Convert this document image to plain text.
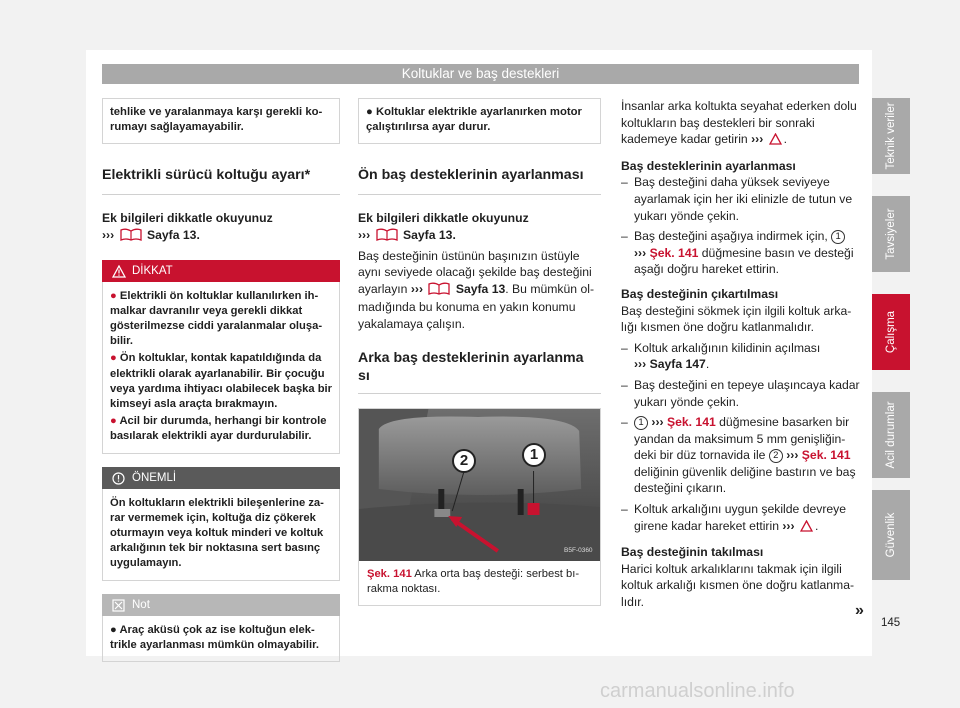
Koltuklar ve baş destekleri
tehlike ve yaralanmaya karşı gerekli korumayı sağlayamayabilir.
Elektrikli sürücü koltuğu ayarı*

Ek bilgileri dikkatle okuyunuz

›››	Sayfa 13.

DİKKAT
● Elektrikli ön koltuklar kullanılırken ihmalkar davranılır veya gerekli dikkat gösterilmezse ciddi yaralanmalar oluşabilir.
● Ön koltuklar, kontak kapatıldığında da elektrikli olarak ayarlanabilir. Bir çocuğu veya yardıma ihtiyacı olabilecek başka bir kimseyi asla araçta bırakmayın.
● Acil bir durumda, herhangi bir kontrole basılarak elektrikli ayar durdurulabilir.
ÖNEMLİ
Ön koltukların elektrikli bileşenlerine zarar vermemek için, koltuğa diz çökerek oturmayın veya koltuk minderi ve koltuk arkalığının tek bir noktasına sert basınç uygulamayın.
Not
● Araç aküsü çok az ise koltuğun elektrikle ayarlanması mümkün olmayabilir.
● Koltuklar elektrikle ayarlanırken motor çalıştırılırsa ayar durur.
Ön baş desteklerinin ayarlanması

Ek bilgileri dikkatle okuyunuz

›››	Sayfa 13.

Baş desteğinin üstünün başınızın üstüyle aynı seviyede olacağı şekilde baş desteğini ayarlayın ›››	Sayfa 13. Bu mümkün olmadığında bu konuma en yakın konumu yakalamaya çalışın.

Arka baş desteklerinin ayarlanma
sı
1
2
B5F-0360
Şek. 141 Arka orta baş desteği: serbest bırakma noktası.

İnsanlar arka koltukta seyahat ederken dolu koltukların baş destekleri bir sonraki kademeye kadar getirin ››› .

Baş desteklerinin ayarlanması

– Baş desteğini daha yüksek seviyeye ayarlamak için her iki elinizle de tutun ve yukarı yönde çekin.
– Baş desteğini aşağıya indirmek için, 1
››› Şek. 141 düğmesine basın ve desteği aşağı doğru hareket ettirin.

Baş desteğinin çıkartılması

Baş desteğini sökmek için ilgili koltuk arkalığı kısmen öne doğru katlanmalıdır.

– Koltuk arkalığının kilidinin açılması
››› Sayfa 147.
– Baş desteğini en tepeye ulaşıncaya kadar yukarı yönde çekin.
–	1 ››› Şek. 141 düğmesine basarken bir yandan da maksimum 5 mm genişliğindeki bir düz tornavida ile 2 ››› Şek. 141 deliğinin güvenlik deliğine bastırın ve baş desteğini çıkarın.
– Koltuk arkalığını uygun şekilde devreye girene kadar hareket ettirin ››› .

Baş desteğinin takılması

Harici koltuk arkalıklarını takmak için ilgili koltuk arkalığı kısmen öne doğru katlanmalıdır.	»
Teknik veriler
Tavsiyeler
Çalışma
Acil durumlar
Güvenlik
145
carmanualsonline.info
